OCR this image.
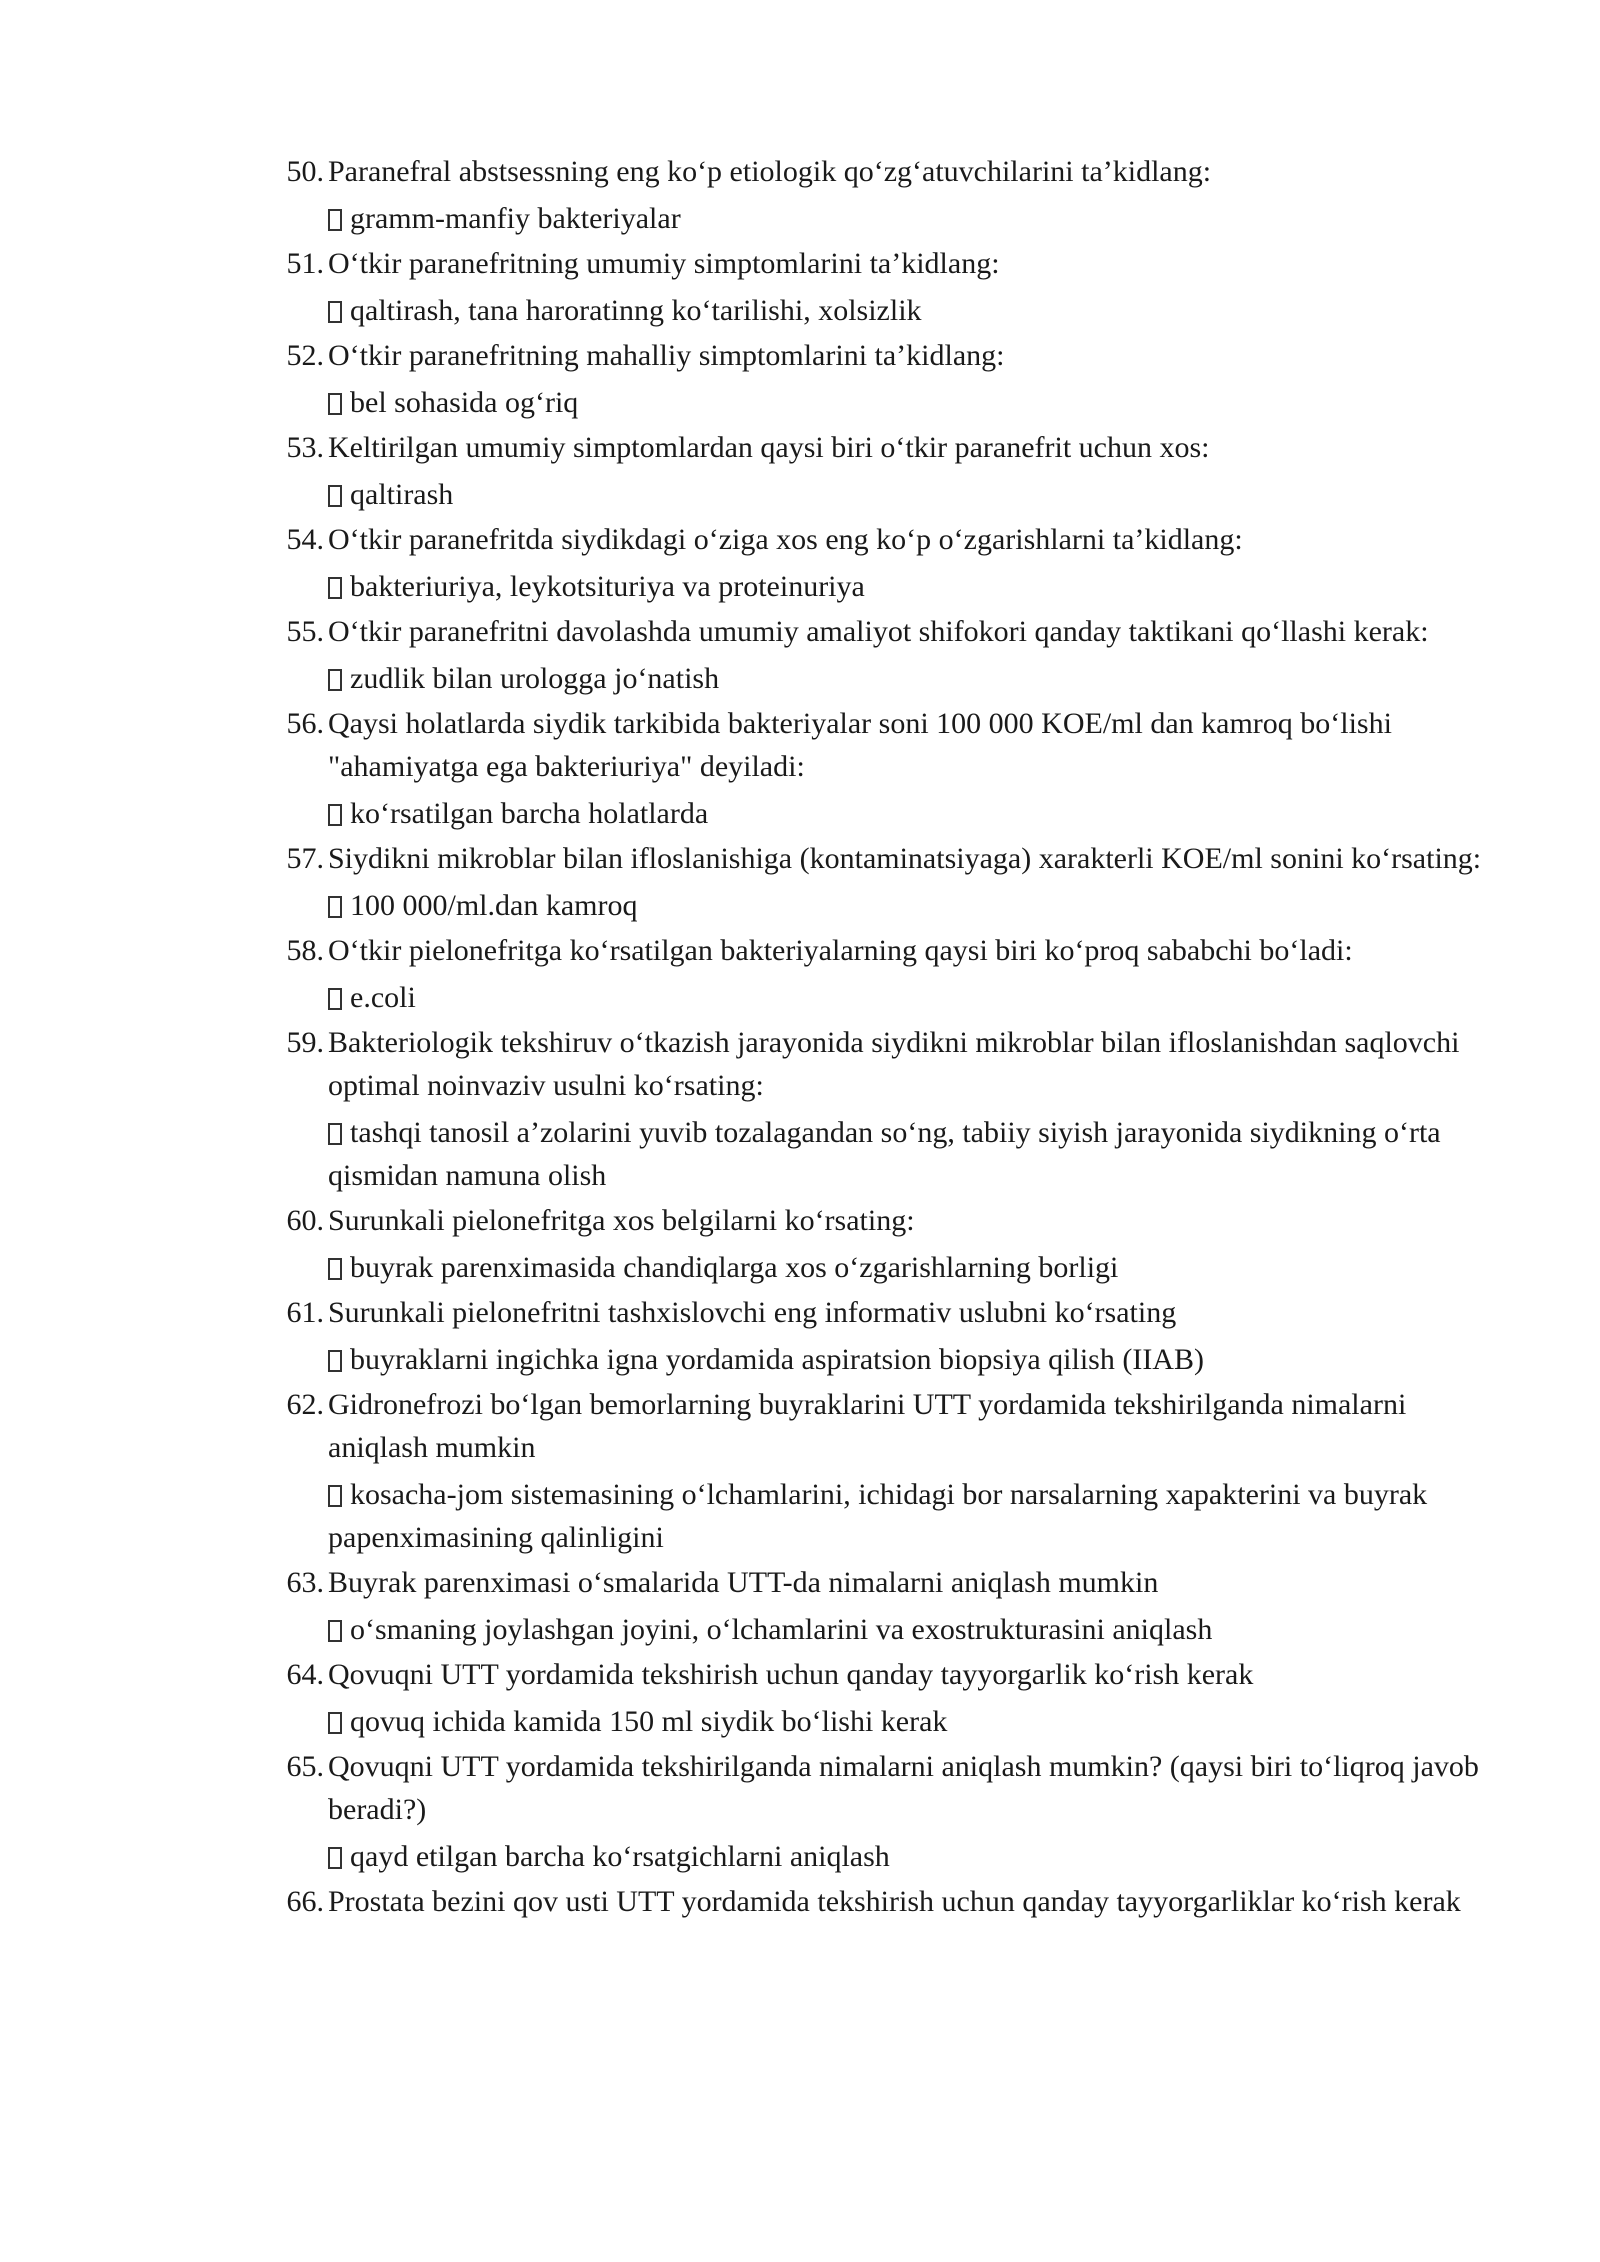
50. Paranefral abstsessning eng ko‘p etiologik qo‘zg‘atuvchilarini ta’kidlang:
gramm-manfiy bakteriyalar
51. O‘tkir paranefritning umumiy simptomlarini ta’kidlang:
qaltirash, tana haroratinng ko‘tarilishi, xolsizlik
52. O‘tkir paranefritning mahalliy simptomlarini ta’kidlang:
bel sohasida og‘riq
53. Keltirilgan umumiy simptomlardan qaysi biri o‘tkir paranefrit uchun xos:
qaltirash
54. O‘tkir paranefritda siydikdagi o‘ziga xos eng ko‘p o‘zgarishlarni ta’kidlang:
bakteriuriya, leykotsituriya va proteinuriya
55. O‘tkir paranefritni davolashda umumiy amaliyot shifokori qanday taktikani qo‘llashi kerak:
zudlik bilan urologga jo‘natish
56. Qaysi holatlarda siydik tarkibida bakteriyalar soni 100 000 KOE/ml dan kamroq bo‘lishi "ahamiyatga ega bakteriuriya" deyiladi:
ko‘rsatilgan barcha holatlarda
57. Siydikni mikroblar bilan ifloslanishiga (kontaminatsiyaga) xarakterli KOE/ml sonini ko‘rsating:
100 000/ml.dan kamroq
58. O‘tkir pielonefritga ko‘rsatilgan bakteriyalarning qaysi biri ko‘proq sababchi bo‘ladi:
e.coli
59. Bakteriologik tekshiruv o‘tkazish jarayonida siydikni mikroblar bilan ifloslanishdan saqlovchi optimal noinvaziv usulni ko‘rsating:
tashqi tanosil a’zolarini yuvib tozalagandan so‘ng, tabiiy siyish jarayonida siydikning o‘rta qismidan namuna olish
60. Surunkali pielonefritga xos belgilarni ko‘rsating:
buyrak parenximasida chandiqlarga xos o‘zgarishlarning borligi
61. Surunkali pielonefritni tashxislovchi eng informativ uslubni ko‘rsating
buyraklarni ingichka igna yordamida aspiratsion biopsiya qilish (IIAB)
62. Gidronefrozi bo‘lgan bemorlarning buyraklarini UTT yordamida tekshirilganda nimalarni aniqlash mumkin
kosacha-jom sistemasining o‘lchamlarini, ichidagi bor narsalarning xapakterini va buyrak papenximasining qalinligini
63. Buyrak parenximasi o‘smalarida UTT-da nimalarni aniqlash mumkin
o‘smaning joylashgan joyini, o‘lchamlarini va exostrukturasini aniqlash
64. Qovuqni UTT yordamida tekshirish uchun qanday tayyorgarlik ko‘rish kerak
qovuq ichida kamida 150 ml siydik bo‘lishi kerak
65. Qovuqni UTT yordamida tekshirilganda nimalarni aniqlash mumkin? (qaysi biri to‘liqroq javob beradi?)
qayd etilgan barcha ko‘rsatgichlarni aniqlash
66. Prostata bezini qov usti UTT yordamida tekshirish uchun qanday tayyorgarliklar ko‘rish kerak
